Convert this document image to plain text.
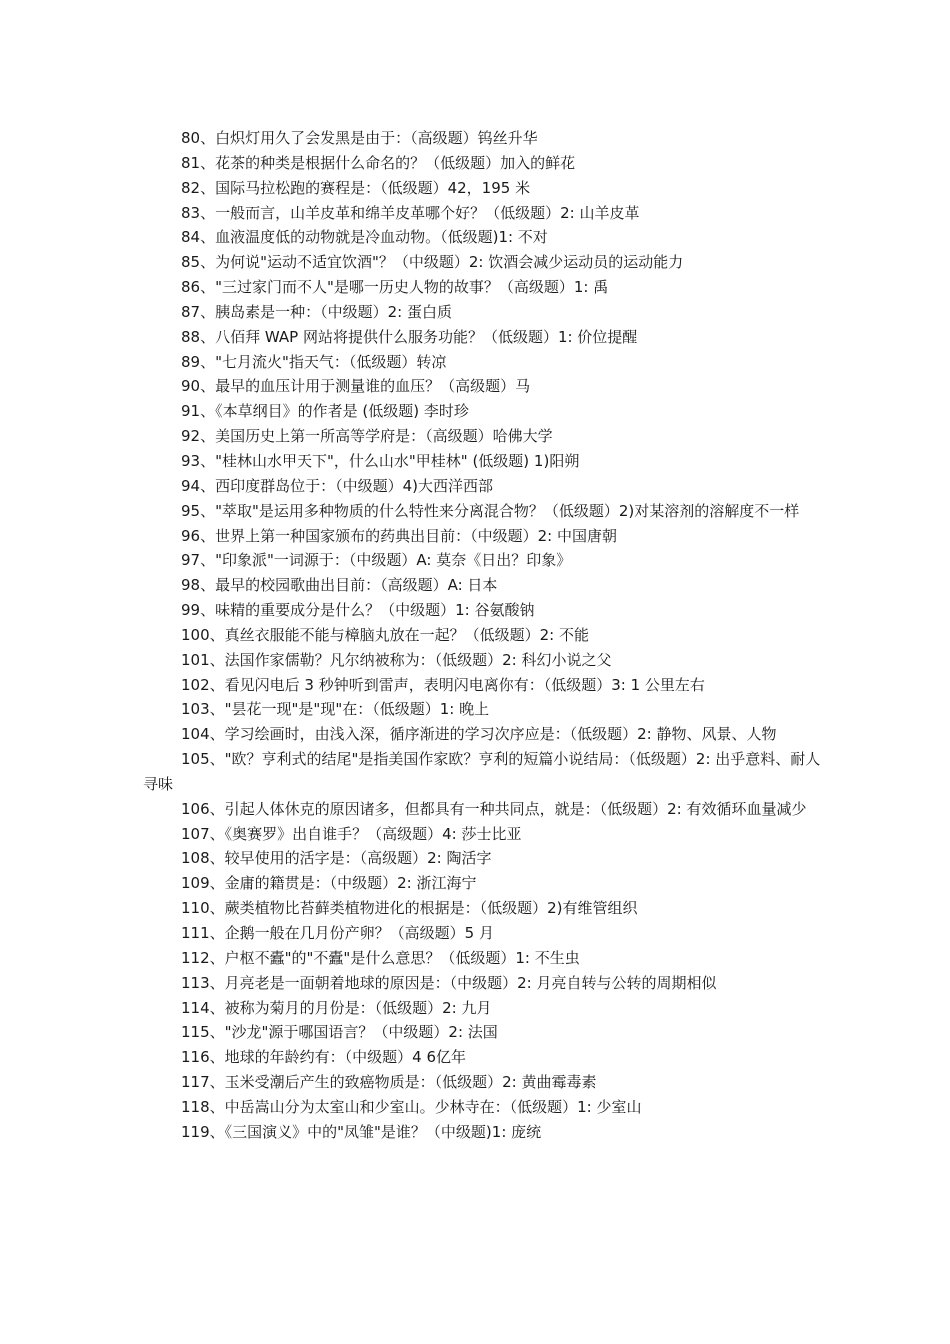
80、白炽灯用久了会发黑是由于：（高级题）钨丝升华

81、花茶的种类是根据什么命名的？（低级题）加入的鲜花

82、国际马拉松跑的赛程是：（低级题）42，195 米

83、一般而言，山羊皮革和绵羊皮革哪个好？（低级题）2: 山羊皮革

84、血液温度低的动物就是冷血动物。（低级题)1: 不对

85、为何说"运动不适宜饮酒"？（中级题）2: 饮酒会减少运动员的运动能力

86、"三过家门而不人"是哪一历史人物的故事？（高级题）1: 禹

87、胰岛素是一种：（中级题）2: 蛋白质

88、八佰拜 WAP 网站将提供什么服务功能？（低级题）1: 价位提醒

89、"七月流火"指天气：（低级题）转凉

90、最早的血压计用于测量谁的血压？（高级题）马

91、《本草纲目》的作者是 (低级题) 李时珍

92、美国历史上第一所高等学府是：（高级题）哈佛大学

93、"桂林山水甲天下"，什么山水"甲桂林" (低级题) 1)阳朔

94、西印度群岛位于：（中级题）4)大西洋西部

95、"萃取"是运用多种物质的什么特性来分离混合物？（低级题）2)对某溶剂的溶解度不一样

96、世界上第一种国家颁布的药典出目前：（中级题）2: 中国唐朝

97、"印象派"一词源于：（中级题）A: 莫奈《日出？印象》

98、最早的校园歌曲出目前：（高级题）A: 日本

99、味精的重要成分是什么？（中级题）1: 谷氨酸钠

100、真丝衣服能不能与樟脑丸放在一起？（低级题）2: 不能

101、法国作家儒勒？凡尔纳被称为：（低级题）2: 科幻小说之父

102、看见闪电后 3 秒钟听到雷声，表明闪电离你有：（低级题）3: 1 公里左右

103、"昙花一现"是"现"在：（低级题）1: 晚上

104、学习绘画时，由浅入深，循序渐进的学习次序应是：（低级题）2: 静物、风景、人物

105、"欧？亨利式的结尾"是指美国作家欧？亨利的短篇小说结局：（低级题）2: 出乎意料、耐人寻味

106、引起人体休克的原因诸多，但都具有一种共同点，就是：（低级题）2: 有效循环血量减少

107、《奥赛罗》出自谁手？（高级题）4: 莎士比亚

108、较早使用的活字是：（高级题）2: 陶活字

109、金庸的籍贯是：（中级题）2: 浙江海宁

110、蕨类植物比苔藓类植物进化的根据是：（低级题）2)有维管组织

111、企鹅一般在几月份产卵？（高级题）5 月

112、户枢不蠹"的"不蠹"是什么意思？（低级题）1: 不生虫

113、月亮老是一面朝着地球的原因是：（中级题）2: 月亮自转与公转的周期相似

114、被称为菊月的月份是：（低级题）2: 九月

115、"沙龙"源于哪国语言？（中级题）2: 法国

116、地球的年龄约有：（中级题）4 6亿年

117、玉米受潮后产生的致癌物质是：（低级题）2: 黄曲霉毒素

118、中岳嵩山分为太室山和少室山。少林寺在：（低级题）1: 少室山

119、《三国演义》中的"凤雏"是谁？（中级题)1: 庞统
